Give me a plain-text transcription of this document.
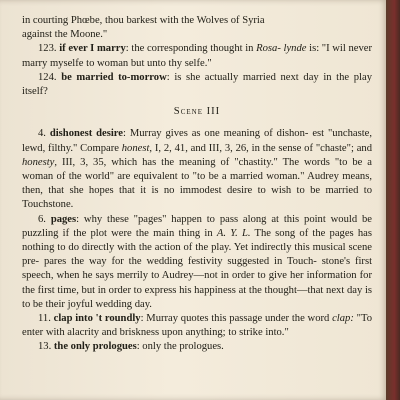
in courting Phœbe, thou barkest with the Wolves of Syria

against the Moone."

123. if ever I marry: the corresponding thought in Rosa- lynde is: "I wil never marry myselfe to woman but unto thy selfe."

124. be married to-morrow: is she actually married next day in the play itself?

Scene III

4. dishonest desire: Murray gives as one meaning of dishon- est "unchaste, lewd, filthy." Compare honest, I, 2, 41, and III, 3, 26, in the sense of "chaste"; and honesty, III, 3, 35, which has the meaning of "chastity." The words "to be a woman of the world" are equivalent to "to be a married woman." Audrey means, then, that she hopes that it is no immodest desire to wish to be married to Touchstone.

6. pages: why these "pages" happen to pass along at this point would be puzzling if the plot were the main thing in A. Y. L. The song of the pages has nothing to do directly with the action of the play. Yet indirectly this musical scene pre- pares the way for the wedding festivity suggested in Touch- stone's first speech, when he says merrily to Audrey—not in order to give her information for the first time, but in order to express his happiness at the thought—that next day is to be their joyful wedding day.

11. clap into 't roundly: Murray quotes this passage under the word clap: "To enter with alacrity and briskness upon anything; to strike into."

13. the only prologues: only the prologues.
